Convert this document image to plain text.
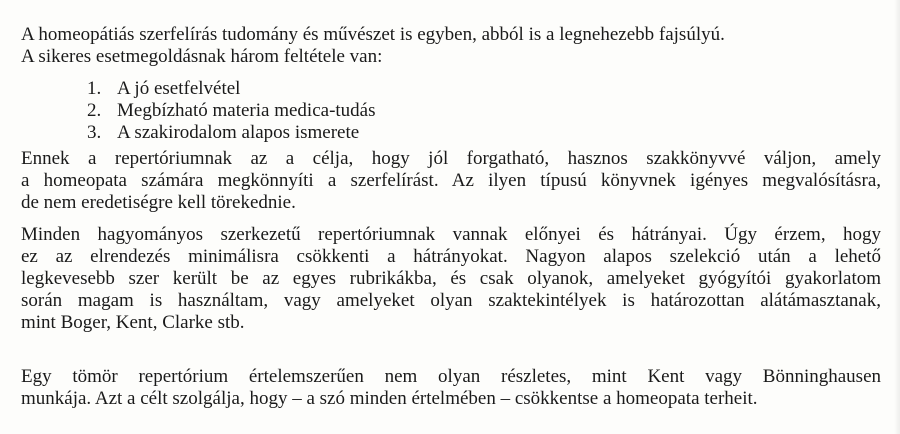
A homeopátiás szerfelírás tudomány és művészet is egyben, abból is a legnehezebb fajsúlyú.
A sikeres esetmegoldásnak három feltétele van:
1. A jó esetfelvétel
2. Megbízható materia medica-tudás
3. A szakirodalom alapos ismerete
Ennek a repertóriumnak az a célja, hogy jól forgatható, hasznos szakkönyvvé váljon, amely
a homeopata számára megkönnyíti a szerfelírást. Az ilyen típusú könyvnek igényes megvalósításra,
de nem eredetiségre kell törekednie.
Minden hagyományos szerkezetű repertóriumnak vannak előnyei és hátrányai. Úgy érzem, hogy
ez az elrendezés minimálisra csökkenti a hátrányokat. Nagyon alapos szelekció után a lehető
legkevesebb szer került be az egyes rubrikákba, és csak olyanok, amelyeket gyógyítói gyakorlatom
során magam is használtam, vagy amelyeket olyan szaktekintélyek is határozottan alátámasztanak,
mint Boger, Kent, Clarke stb.
Egy tömör repertórium értelemszerűen nem olyan részletes, mint Kent vagy Bönninghausen
munkája. Azt a célt szolgálja, hogy – a szó minden értelmében – csökkentse a homeopata terheit.
